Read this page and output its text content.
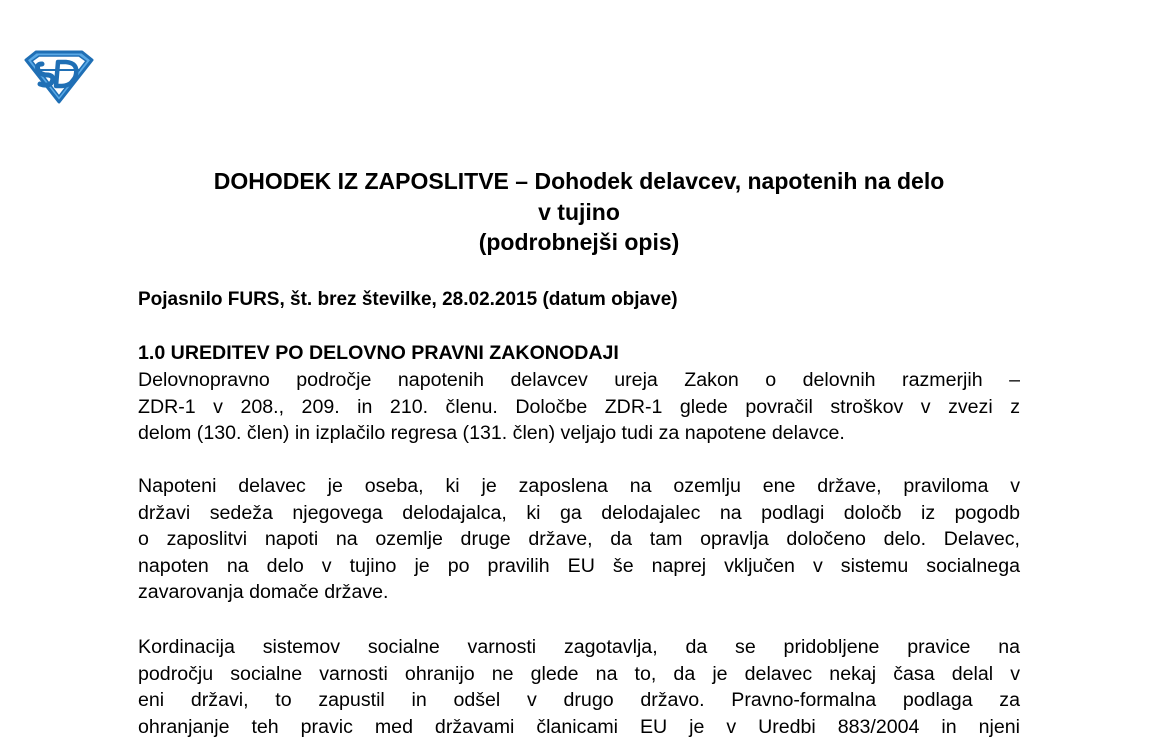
DOHODEK IZ ZAPOSLITVE – Dohodek delavcev, napotenih na delo
v tujino
(podrobnejši opis)
Pojasnilo FURS, št. brez številke, 28.02.2015 (datum objave)
1.0 UREDITEV PO DELOVNO PRAVNI ZAKONODAJI
Delovnopravno področje napotenih delavcev ureja Zakon o delovnih razmerjih –
ZDR-1 v 208., 209. in 210. členu. Določbe ZDR-1 glede povračil stroškov v zvezi z
delom (130. člen) in izplačilo regresa (131. člen) veljajo tudi za napotene delavce.
Napoteni delavec je oseba, ki je zaposlena na ozemlju ene države, praviloma v
državi sedeža njegovega delodajalca, ki ga delodajalec na podlagi določb iz pogodb
o zaposlitvi napoti na ozemlje druge države, da tam opravlja določeno delo. Delavec,
napoten na delo v tujino je po pravilih EU še naprej vključen v sistemu socialnega
zavarovanja domače države.
Kordinacija sistemov socialne varnosti zagotavlja, da se pridobljene pravice na
področju socialne varnosti ohranijo ne glede na to, da je delavec nekaj časa delal v
eni državi, to zapustil in odšel v drugo državo. Pravno-formalna podlaga za
ohranjanje teh pravic med državami članicami EU je v Uredbi 883/2004 in njeni
